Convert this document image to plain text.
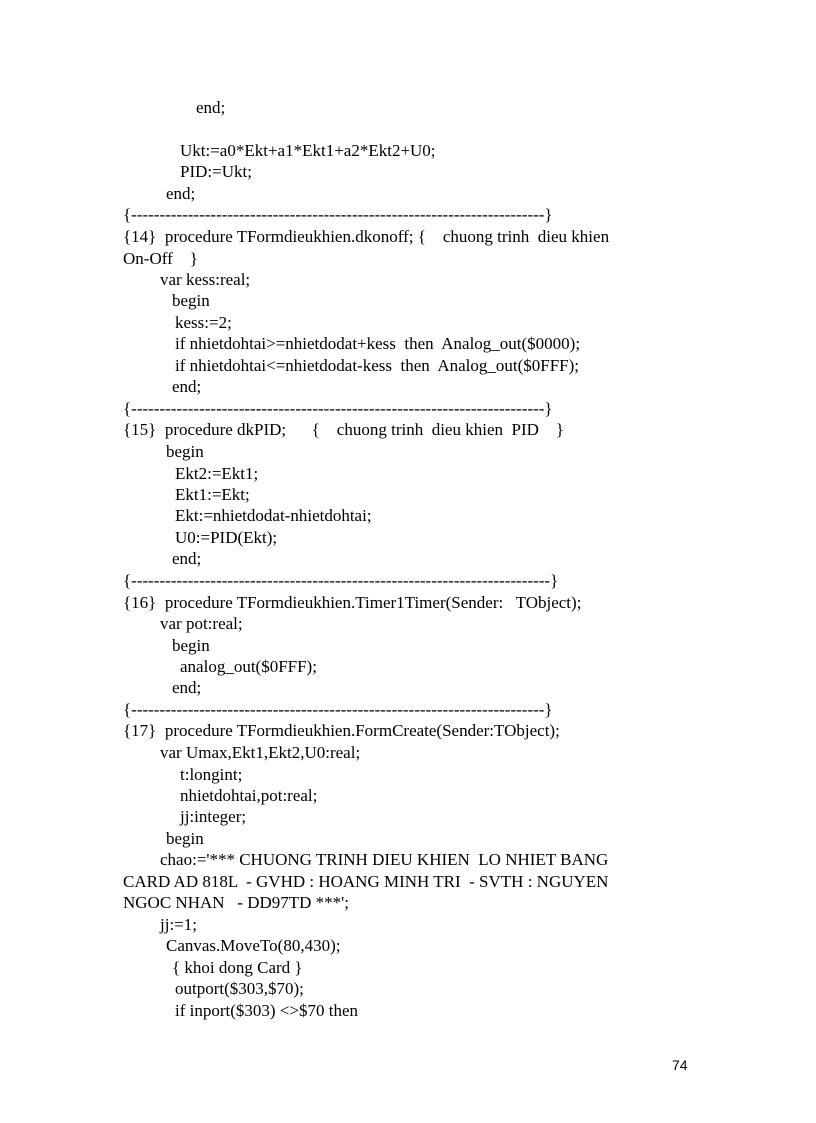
end;
Ukt:=a0*Ekt+a1*Ekt1+a2*Ekt2+U0;
PID:=Ukt;
end;
{-------------------------------------------------------------------------}
{14}  procedure TFormdieukhien.dkonoff; {    chuong trinh  dieu khien
On-Off    }
var kess:real;
begin
kess:=2;
if nhietdohtai>=nhietdodat+kess  then  Analog_out($0000);
if nhietdohtai<=nhietdodat-kess  then  Analog_out($0FFF);
end;
{-------------------------------------------------------------------------}
{15}  procedure dkPID;      {    chuong trinh  dieu khien  PID    }
begin
Ekt2:=Ekt1;
Ekt1:=Ekt;
Ekt:=nhietdodat-nhietdohtai;
U0:=PID(Ekt);
end;
{--------------------------------------------------------------------------}
{16}  procedure TFormdieukhien.Timer1Timer(Sender:   TObject);
var pot:real;
begin
analog_out($0FFF);
end;
{-------------------------------------------------------------------------}
{17}  procedure TFormdieukhien.FormCreate(Sender:TObject);
var Umax,Ekt1,Ekt2,U0:real;
t:longint;
nhietdohtai,pot:real;
jj:integer;
begin
chao:='*** CHUONG TRINH DIEU KHIEN  LO NHIET BANG
CARD AD 818L  - GVHD : HOANG MINH TRI  - SVTH : NGUYEN
NGOC NHAN   - DD97TD ***';
jj:=1;
Canvas.MoveTo(80,430);
{ khoi dong Card }
outport($303,$70);
if inport($303) <>$70 then
74
